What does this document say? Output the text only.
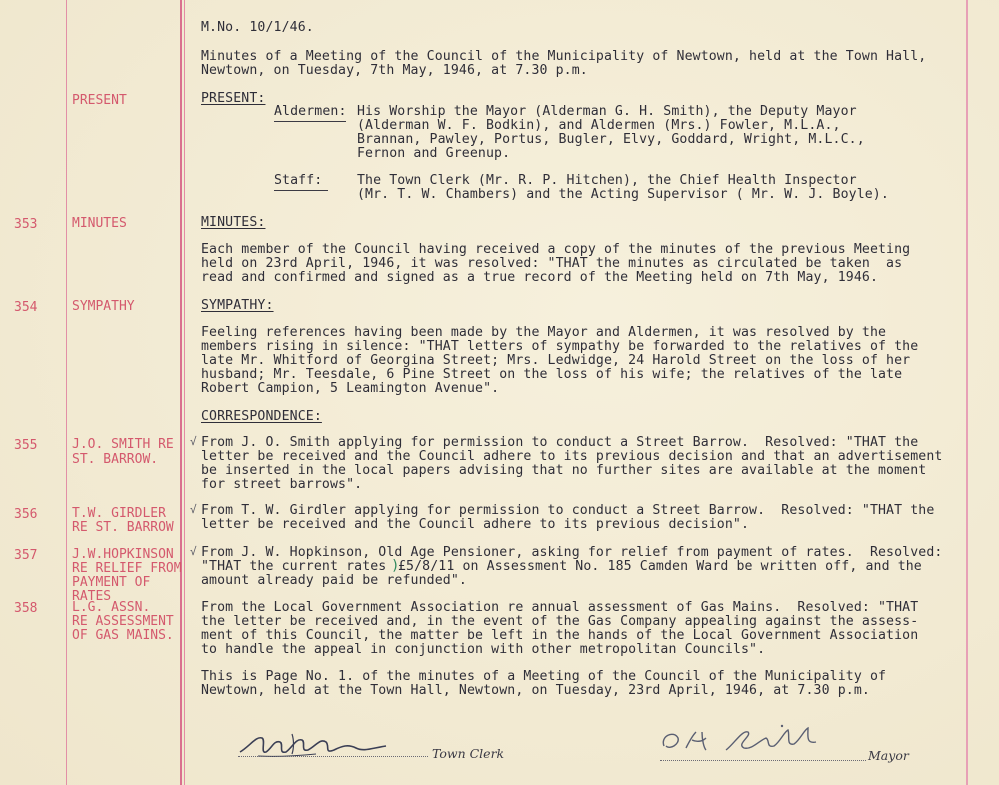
M.No. 10/1/46.
Minutes of a Meeting of the Council of the Municipality of Newtown, held at the Town Hall,
Newtown, on Tuesday, 7th May, 1946, at 7.30 p.m.
PRESENT
353	MINUTES
354	SYMPATHY
355	J.O. SMITH RE
ST. BARROW.
356	T.W. GIRDLER
RE ST. BARROW
357	J.W.HOPKINSON
RE RELIEF FROM
PAYMENT OF
RATES
358	L.G. ASSN.
RE ASSESSMENT
OF GAS MAINS.
PRESENT:
Aldermen: His Worship the Mayor (Alderman G. H. Smith), the Deputy Mayor
(Alderman W. F. Bodkin), and Aldermen (Mrs.) Fowler, M.L.A.,
Brannan, Pawley, Portus, Bugler, Elvy, Goddard, Wright, M.L.C.,
Fernon and Greenup.
Staff:	The Town Clerk (Mr. R. P. Hitchen), the Chief Health Inspector
(Mr. T. W. Chambers) and the Acting Supervisor ( Mr. W. J. Boyle).
MINUTES:
Each member of the Council having received a copy of the minutes of the previous Meeting
held on 23rd April, 1946, it was resolved: "THAT the minutes as circulated be taken  as
read and confirmed and signed as a true record of the Meeting held on 7th May, 1946.
SYMPATHY:
Feeling references having been made by the Mayor and Aldermen, it was resolved by the
members rising in silence: "THAT letters of sympathy be forwarded to the relatives of the
late Mr. Whitford of Georgina Street; Mrs. Ledwidge, 24 Harold Street on the loss of her
husband; Mr. Teesdale, 6 Pine Street on the loss of his wife; the relatives of the late
Robert Campion, 5 Leamington Avenue".
CORRESPONDENCE:
√ From J. O. Smith applying for permission to conduct a Street Barrow.  Resolved: "THAT the
letter be received and the Council adhere to its previous decision and that an advertisement
be inserted in the local papers advising that no further sites are available at the moment
for street barrows".
√ From T. W. Girdler applying for permission to conduct a Street Barrow.  Resolved: "THAT the
letter be received and the Council adhere to its previous decision".
√ From J. W. Hopkinson, Old Age Pensioner, asking for relief from payment of rates.  Resolved:
"THAT the current rates )
£5/8/11 on Assessment No. 185 Camden Ward be written off, and the
amount already paid be refunded".
From the Local Government Association re annual assessment of Gas Mains.  Resolved: "THAT
the letter be received and, in the event of the Gas Company appealing against the assess-
ment of this Council, the matter be left in the hands of the Local Government Association
to handle the appeal in conjunction with other metropolitan Councils".
This is Page No. 1. of the minutes of a Meeting of the Council of the Municipality of
Newtown, held at the Town Hall, Newtown, on Tuesday, 23rd April, 1946, at 7.30 p.m.
Town Clerk	Mayor
